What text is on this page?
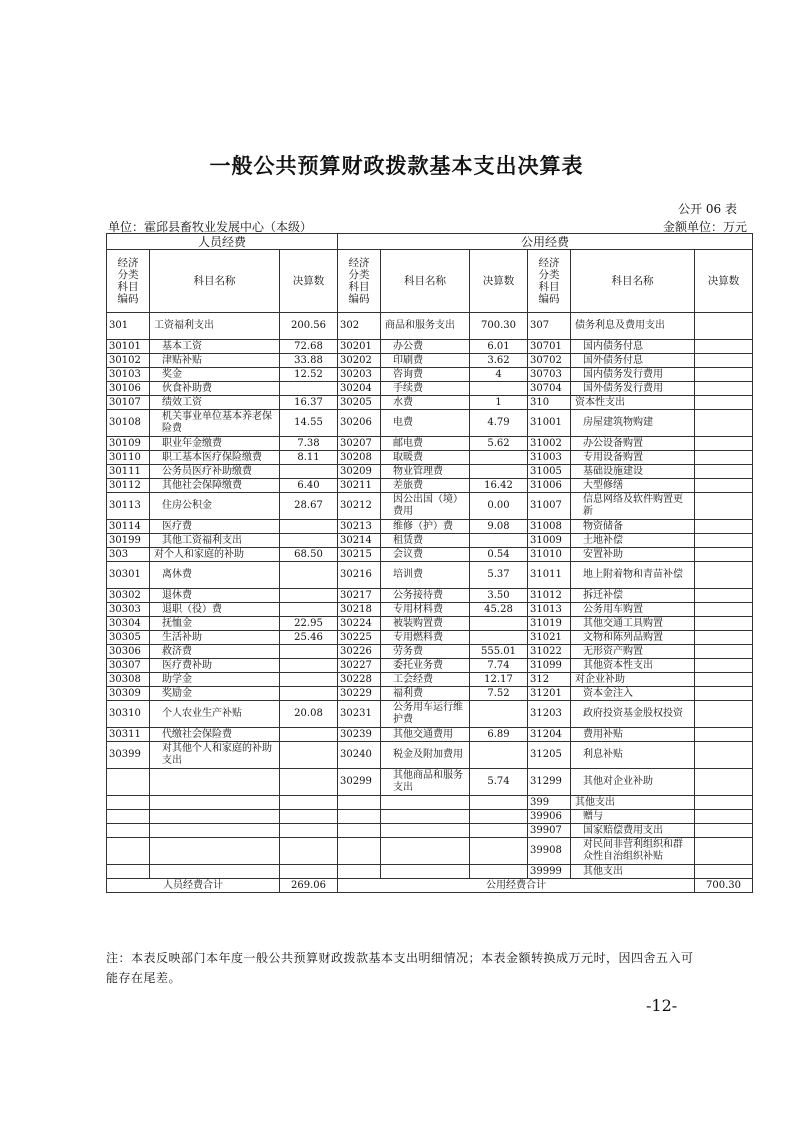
一般公共预算财政拨款基本支出决算表
公开 06 表
单位：霍邱县畜牧业发展中心（本级）	金额单位：万元
人员经费			公用经费					
经济
分类
科目
编码	科目名称	决算数	经济
分类
科目
编码	科目名称	决算数	经济
分类
科目
编码	科目名称	决算数
301	工资福利支出	200.56	302	商品和服务支出	700.30	307	债务利息及费用支出	
30101	基本工资	72.68	30201	办公费	6.01	30701	国内债务付息	
30102	津贴补贴	33.88	30202	印刷费	3.62	30702	国外债务付息	
30103	奖金	12.52	30203	咨询费	4	30703	国内债务发行费用	
30106	伙食补助费		30204	手续费		30704	国外债务发行费用	
30107	绩效工资	16.37	30205	水费	1	310	资本性支出	
30108	机关事业单位基本养老保险费	14.55	30206	电费	4.79	31001	房屋建筑物购建	
30109	职业年金缴费	7.38	30207	邮电费	5.62	31002	办公设备购置	
30110	职工基本医疗保险缴费	8.11	30208	取暖费		31003	专用设备购置	
30111	公务员医疗补助缴费		30209	物业管理费		31005	基础设施建设	
30112	其他社会保障缴费	6.40	30211	差旅费	16.42	31006	大型修缮	
30113	住房公积金	28.67	30212	因公出国（境）费用	0.00	31007	信息网络及软件购置更新	
30114	医疗费		30213	维修（护）费	9.08	31008	物资储备	
30199	其他工资福利支出		30214	租赁费		31009	土地补偿	
303	对个人和家庭的补助	68.50	30215	会议费	0.54	31010	安置补助	
30301	离休费		30216	培训费	5.37	31011	地上附着物和青苗补偿	
30302	退休费		30217	公务接待费	3.50	31012	拆迁补偿	
30303	退职（役）费		30218	专用材料费	45.28	31013	公务用车购置	
30304	抚恤金	22.95	30224	被装购置费		31019	其他交通工具购置	
30305	生活补助	25.46	30225	专用燃料费		31021	文物和陈列品购置	
30306	救济费		30226	劳务费	555.01	31022	无形资产购置	
30307	医疗费补助		30227	委托业务费	7.74	31099	其他资本性支出	
30308	助学金		30228	工会经费	12.17	312	对企业补助	
30309	奖励金		30229	福利费	7.52	31201	资本金注入	
30310	个人农业生产补贴	20.08	30231	公务用车运行维护费		31203	政府投资基金股权投资	
30311	代缴社会保险费		30239	其他交通费用	6.89	31204	费用补贴	
30399	对其他个人和家庭的补助支出		30240	税金及附加费用		31205	利息补贴	
			30299	其他商品和服务支出	5.74	31299	其他对企业补助	
						399	其他支出	
						39906	赠与	
						39907	国家赔偿费用支出	
						39908	对民间非营利组织和群众性自治组织补贴	
						39999	其他支出	
人员经费合计		269.06	公用经费合计					700.30
注：本表反映部门本年度一般公共预算财政拨款基本支出明细情况；本表金额转换成万元时，因四舍五入可能存在尾差。
-12-
